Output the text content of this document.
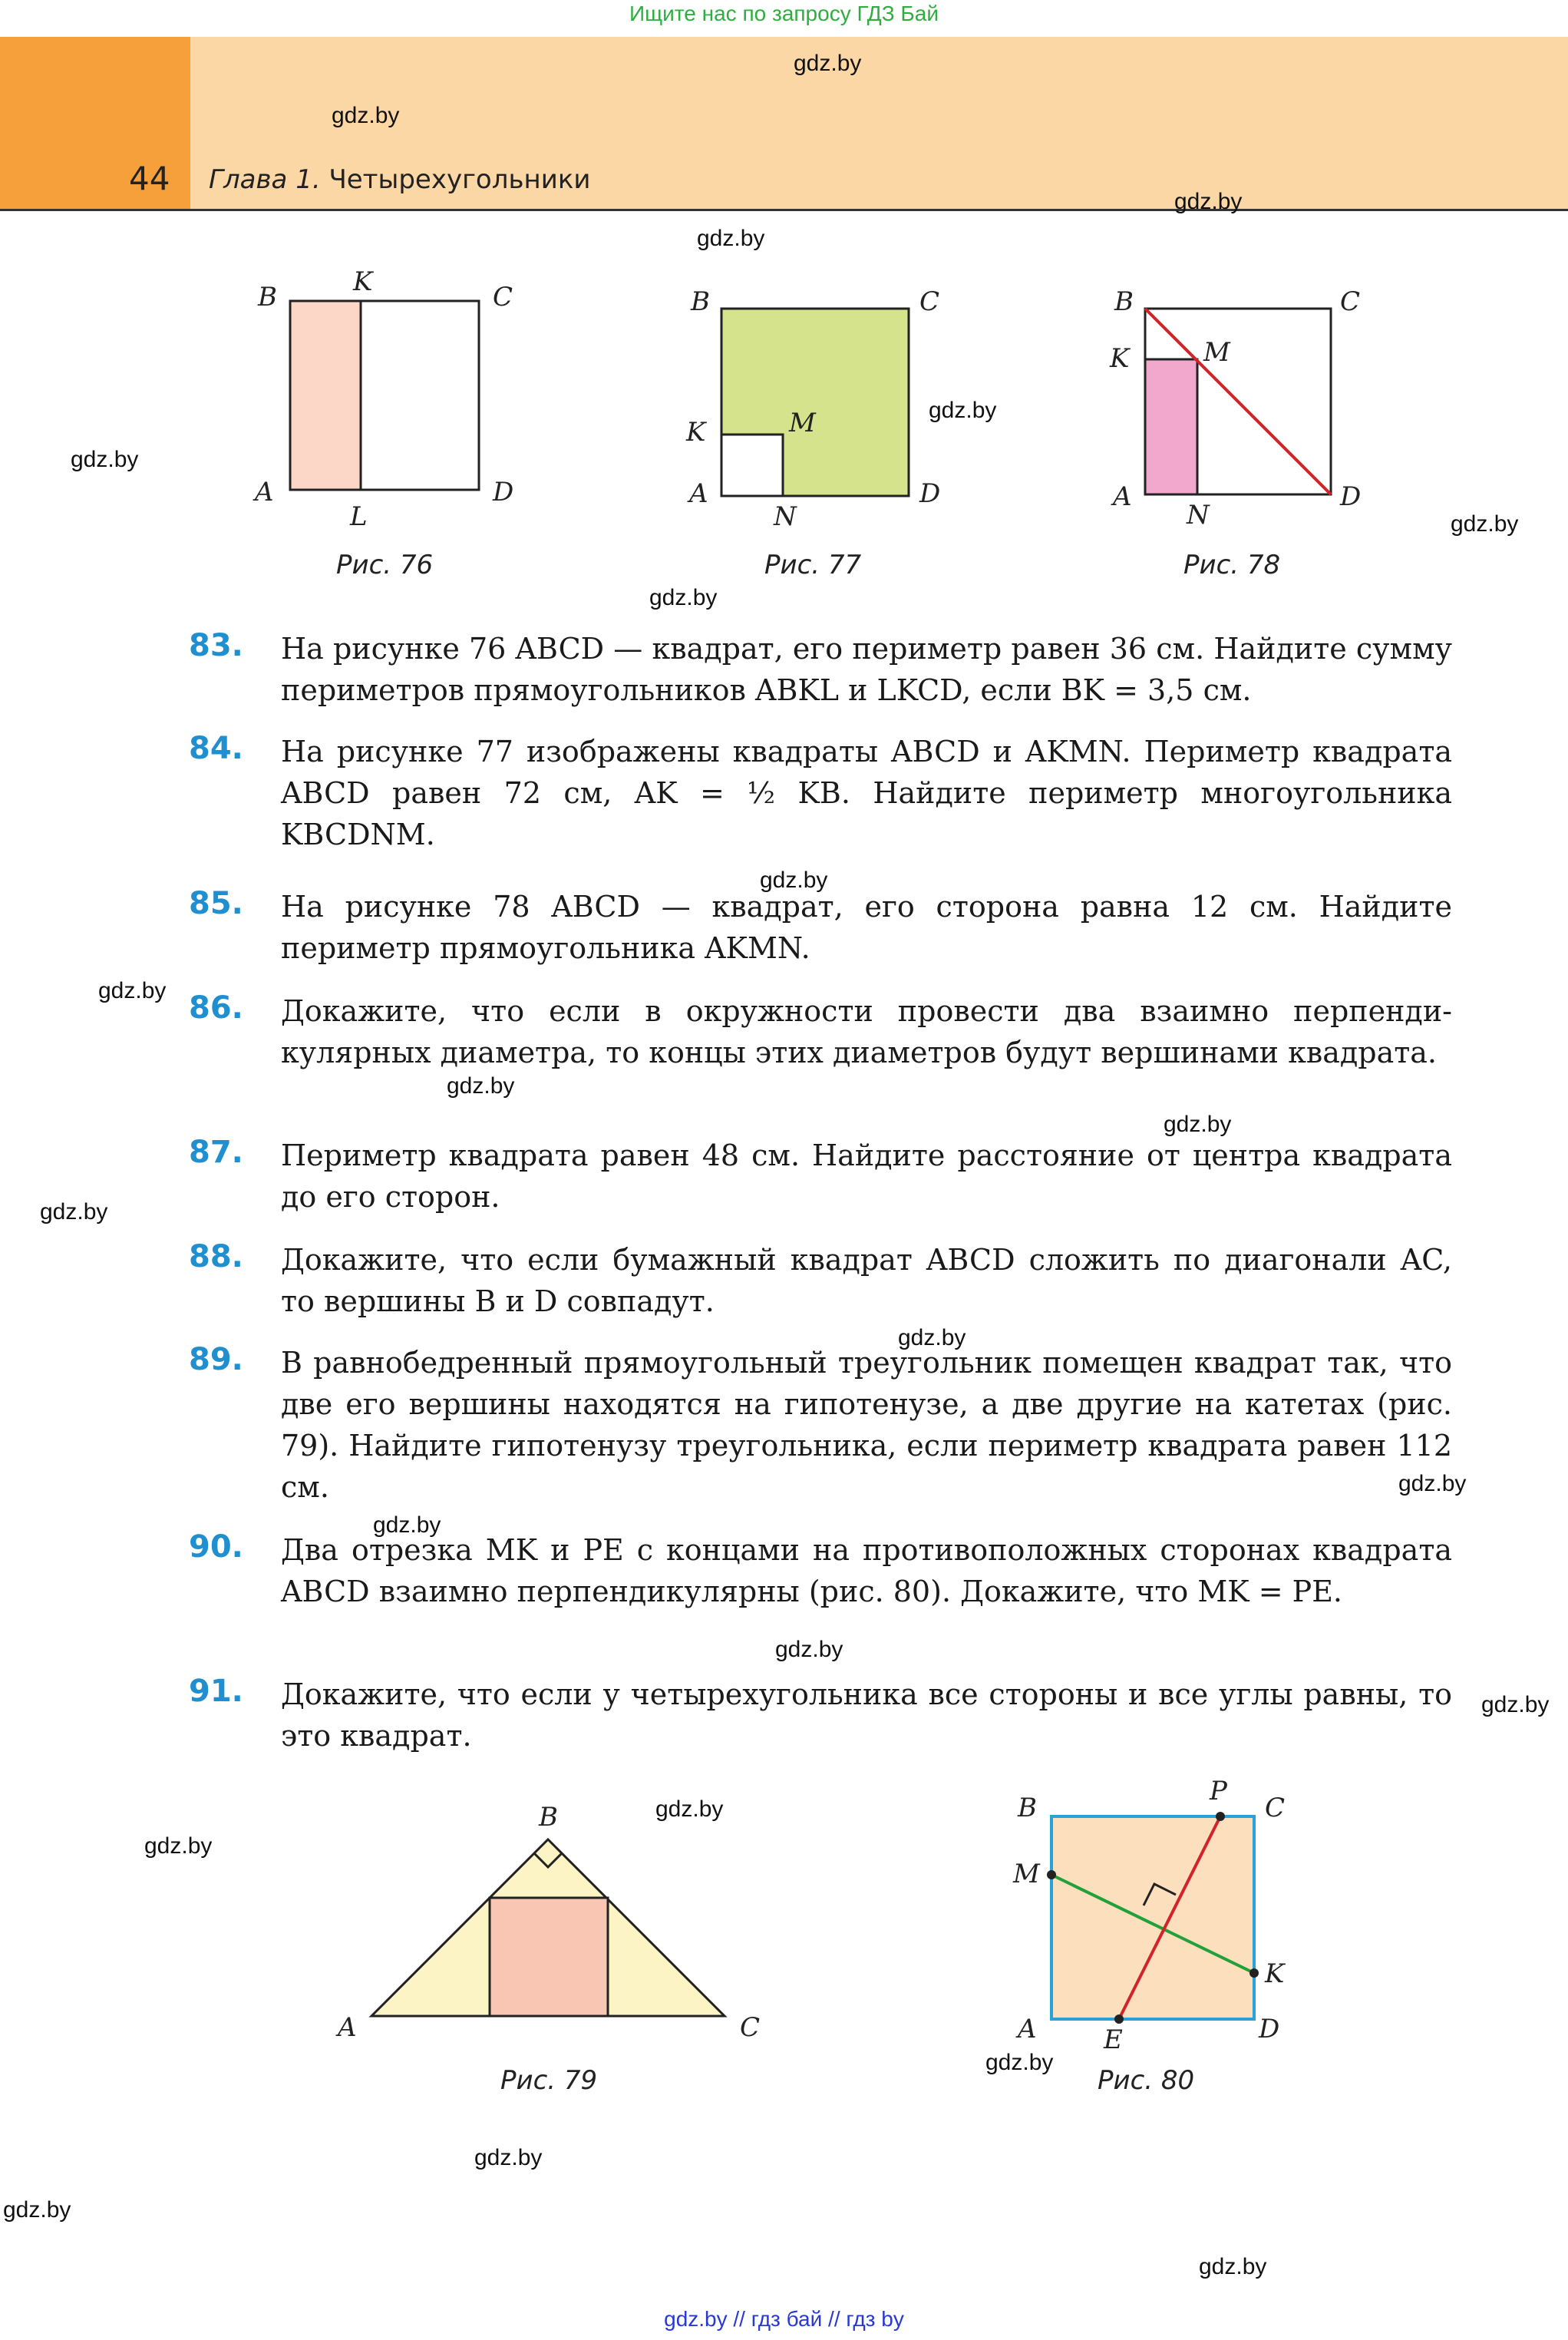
Ищите нас по запросу ГДЗ Бай
44 Глава 1. Четырехугольники
B	K	C
A
L
D
Рис. 76
B	C
K	M
A
N
D
Рис. 77
B	C
K	M
A
N
D
Рис. 78
83. На рисунке 76 ABCD — квадрат, его периметр равен 36 см. Найдите сумму периметров прямоугольников ABKL и LKCD, если BK = 3,5 см.
84. На рисунке 77 изображены квадраты ABCD и AKMN. Периметр квадрата ABCD равен 72 см, AK = ½ KB. Найдите периметр многоугольника KBCDNM.
85. На рисунке 78 ABCD — квадрат, его сторона равна 12 см. Найдите периметр прямоугольника AKMN.
86. Докажите, что если в окружности провести два взаимно перпендикулярных диаметра, то концы этих диаметров будут вершинами квадрата.
87. Периметр квадрата равен 48 см. Найдите расстояние от центра квадрата до его сторон.
88. Докажите, что если бумажный квадрат ABCD сложить по диагонали AC, то вершины B и D совпадут.
89. В равнобедренный прямоугольный треугольник помещен квадрат так, что две его вершины находятся на гипотенузе, а две другие на катетах (рис. 79). Найдите гипотенузу треугольника, если периметр квадрата равен 112 см.
90. Два отрезка MK и PE с концами на противоположных сторонах квадрата ABCD взаимно перпендикулярны (рис. 80). Докажите, что MK = PE.
91. Докажите, что если у четырехугольника все стороны и все углы равны, то это квадрат.
A
B
C
Рис. 79
B
P
C
M
K
A	E	D
Рис. 80
gdz.by
gdz.by
gdz.by
gdz.by
gdz.by
gdz.by
gdz.by
gdz.by
gdz.by
gdz.by
gdz.by
gdz.by
gdz.by
gdz.by
gdz.by
gdz.by
gdz.by
gdz.by
gdz.by
gdz.by
gdz.by
gdz.by
gdz.by
gdz.by
gdz.by // гдз бай // гдз by
